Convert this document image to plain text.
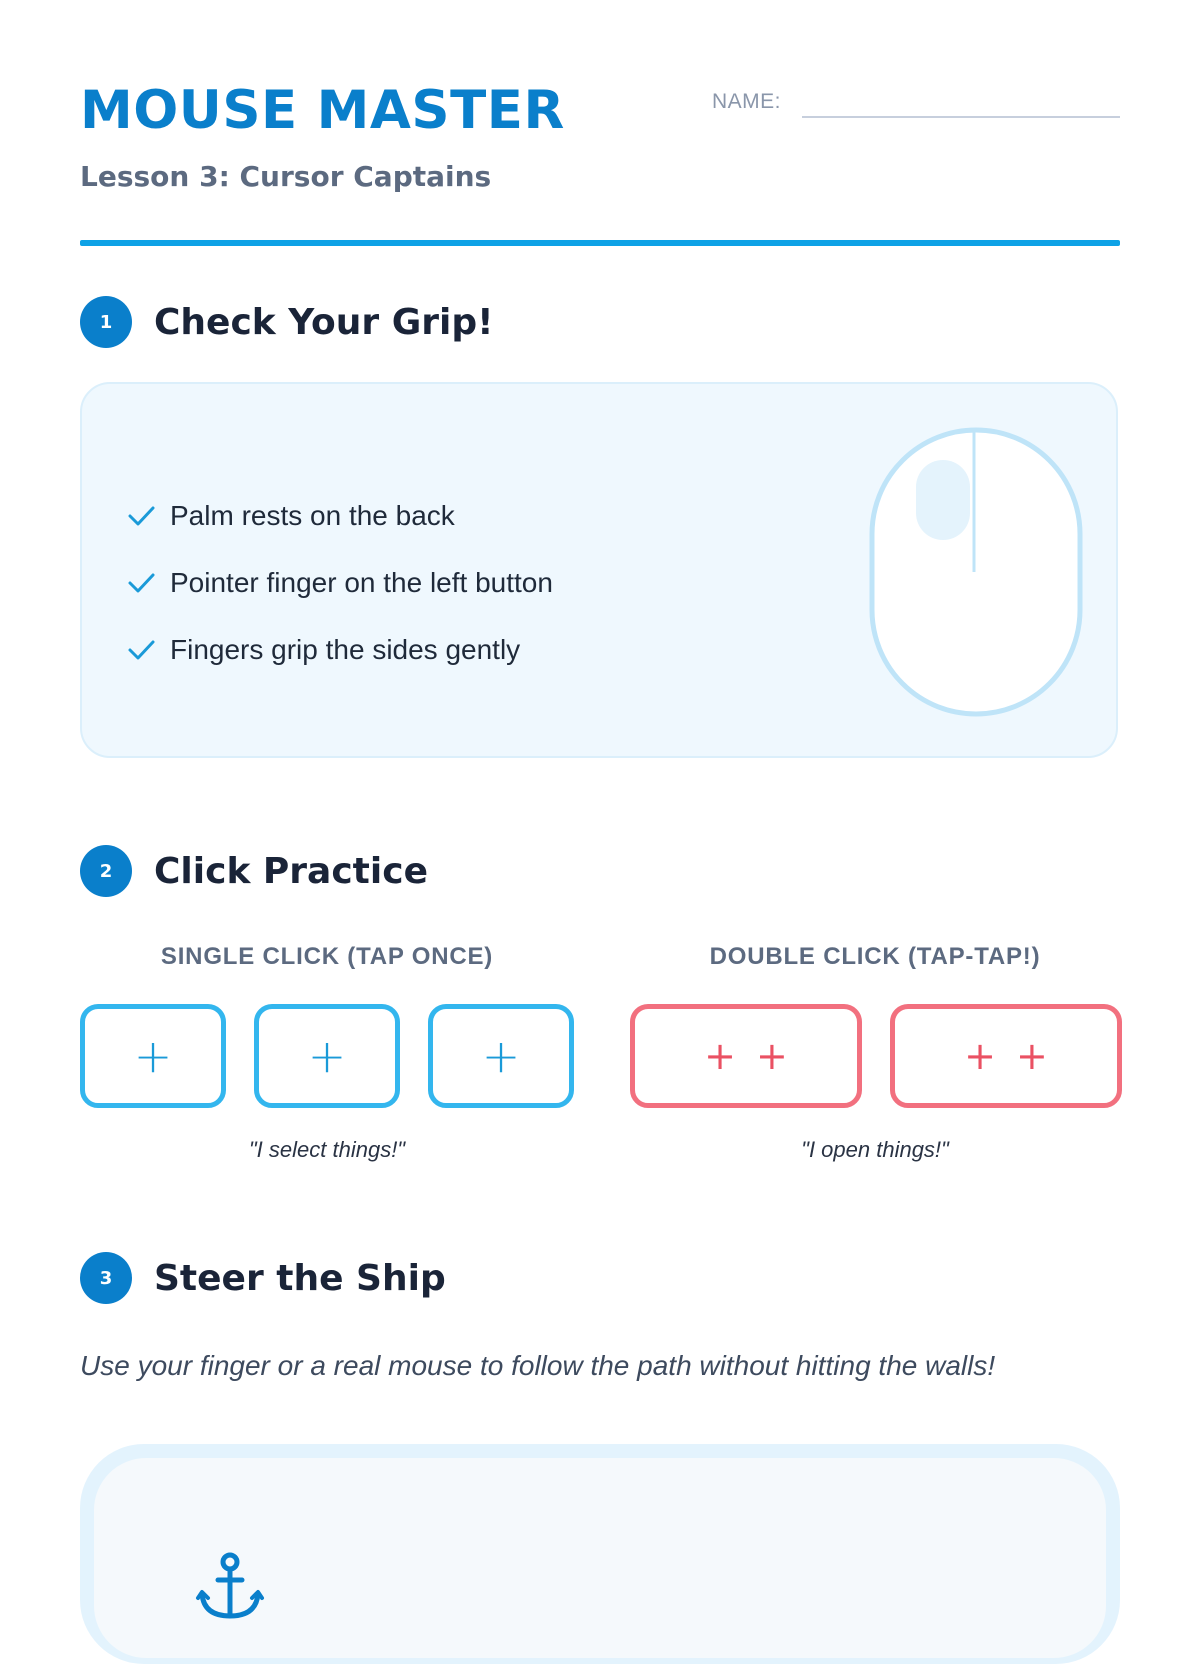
MOUSE MASTER
Lesson 3: Cursor Captains
NAME:
1	Check Your Grip!
Palm rests on the back
Pointer finger on the left button
Fingers grip the sides gently
2	Click Practice
SINGLE CLICK (TAP ONCE)	DOUBLE CLICK (TAP-TAP!)
+	+	+	++	++
"I select things!"	"I open things!"
3	Steer the Ship

Use your finger or a real mouse to follow the path without hitting the walls!
